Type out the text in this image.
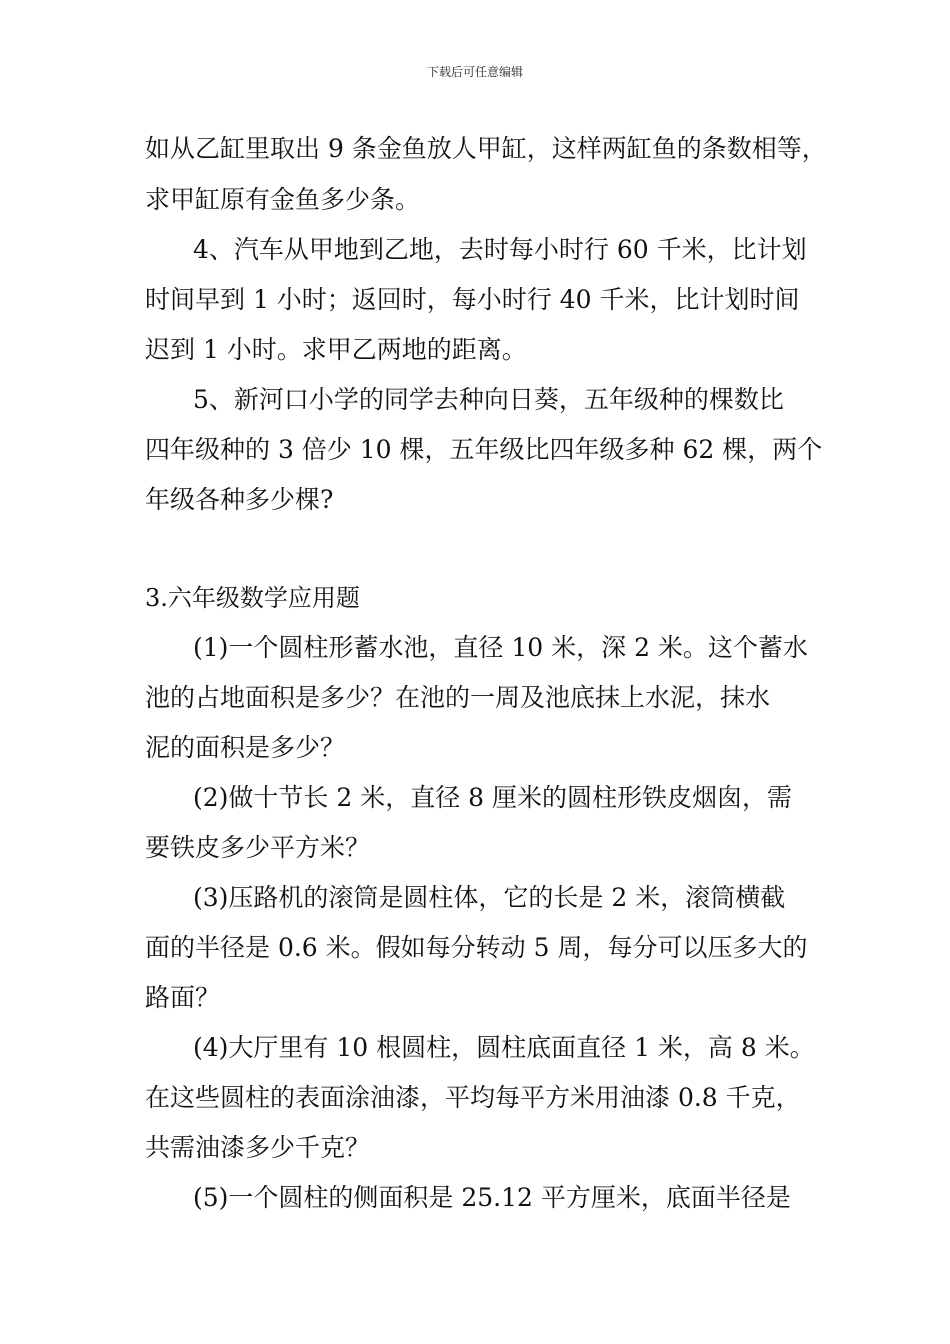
下载后可任意编辑
如从乙缸里取出 9 条金鱼放人甲缸，这样两缸鱼的条数相等，
求甲缸原有金鱼多少条。
4、汽车从甲地到乙地，去时每小时行 60 千米，比计划
时间早到 1 小时；返回时，每小时行 40 千米，比计划时间
迟到 1 小时。求甲乙两地的距离。
5、新河口小学的同学去种向日葵，五年级种的棵数比
四年级种的 3 倍少 10 棵，五年级比四年级多种 62 棵，两个
年级各种多少棵?
3.六年级数学应用题
(1)一个圆柱形蓄水池，直径 10 米，深 2 米。这个蓄水
池的占地面积是多少？在池的一周及池底抹上水泥，抹水
泥的面积是多少？
(2)做十节长 2 米，直径 8 厘米的圆柱形铁皮烟囱，需
要铁皮多少平方米？
(3)压路机的滚筒是圆柱体，它的长是 2 米，滚筒横截
面的半径是 0.6 米。假如每分转动 5 周，每分可以压多大的
路面？
(4)大厅里有 10 根圆柱，圆柱底面直径 1 米，高 8 米。
在这些圆柱的表面涂油漆，平均每平方米用油漆 0.8 千克，
共需油漆多少千克？
(5)一个圆柱的侧面积是 25.12 平方厘米，底面半径是
